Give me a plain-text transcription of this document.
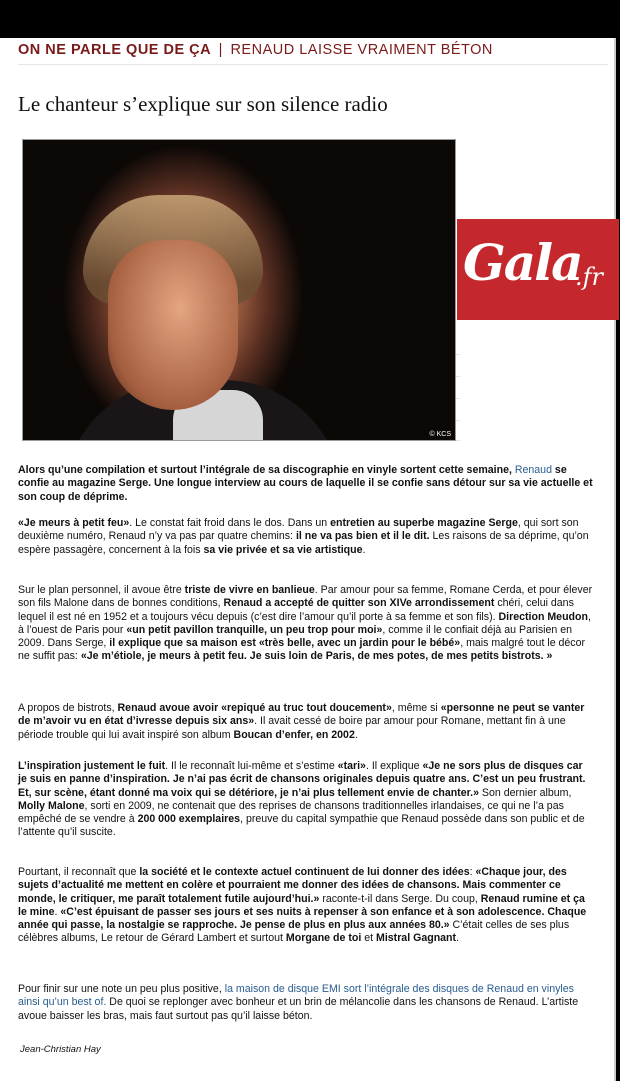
ON NE PARLE QUE DE ÇA | RENAUD LAISSE VRAIMENT BÉTON
Le chanteur s’explique sur son silence radio
© KCS
Gala
.fr
..
..
..
..
..
Alors qu’une compilation et surtout l’intégrale de sa discographie en vinyle sortent cette semaine, Renaud se confie au magazine Serge. Une longue interview au cours de laquelle il se confie sans détour sur sa vie actuelle et son coup de déprime.
«Je meurs à petit feu». Le constat fait froid dans le dos. Dans un entretien au superbe magazine Serge, qui sort son deuxième numéro, Renaud n’y va pas par quatre chemins: il ne va pas bien et il le dit. Les raisons de sa déprime, qu’on espère passagère, concernent à la fois sa vie privée et sa vie artistique.
Sur le plan personnel, il avoue être triste de vivre en banlieue. Par amour pour sa femme, Romane Cerda, et pour élever son fils Malone dans de bonnes conditions, Renaud a accepté de quitter son XIVe arrondissement chéri, celui dans lequel il est né en 1952 et a toujours vécu depuis (c’est dire l’amour qu’il porte à sa femme et son fils). Direction Meudon, à l’ouest de Paris pour «un petit pavillon tranquille, un peu trop pour moi», comme il le confiait déjà au Parisien en 2009. Dans Serge, il explique que sa maison est «très belle, avec un jardin pour le bébé», mais malgré tout le décor ne suffit pas: «Je m’étiole, je meurs à petit feu. Je suis loin de Paris, de mes potes, de mes petits bistrots. »
A propos de bistrots, Renaud avoue avoir «repiqué au truc tout doucement», même si «personne ne peut se vanter de m’avoir vu en état d’ivresse depuis six ans». Il avait cessé de boire par amour pour Romane, mettant fin à une période trouble qui lui avait inspiré son album Boucan d’enfer, en 2002.
L’inspiration justement le fuit. Il le reconnaît lui-même et s’estime «tari». Il explique «Je ne sors plus de disques car je suis en panne d’inspiration. Je n’ai pas écrit de chansons originales depuis quatre ans. C’est un peu frustrant. Et, sur scène, étant donné ma voix qui se détériore, je n’ai plus tellement envie de chanter.» Son dernier album, Molly Malone, sorti en 2009, ne contenait que des reprises de chansons traditionnelles irlandaises, ce qui ne l’a pas empêché de se vendre à 200 000 exemplaires, preuve du capital sympathie que Renaud possède dans son public et de l’attente qu’il suscite.
Pourtant, il reconnaît que la société et le contexte actuel continuent de lui donner des idées: «Chaque jour, des sujets d’actualité me mettent en colère et pourraient me donner des idées de chansons. Mais commenter ce monde, le critiquer, me paraît totalement futile aujourd’hui.» raconte-t-il dans Serge. Du coup, Renaud rumine et ça le mine. «C’est épuisant de passer ses jours et ses nuits à repenser à son enfance et à son adolescence. Chaque année qui passe, la nostalgie se rapproche. Je pense de plus en plus aux années 80.» C’était celles de ses plus célèbres albums, Le retour de Gérard Lambert et surtout Morgane de toi et Mistral Gagnant.
Pour finir sur une note un peu plus positive, la maison de disque EMI sort l’intégrale des disques de Renaud en vinyles ainsi qu’un best of. De quoi se replonger avec bonheur et un brin de mélancolie dans les chansons de Renaud. L’artiste avoue baisser les bras, mais faut surtout pas qu’il laisse béton.
Jean-Christian Hay
